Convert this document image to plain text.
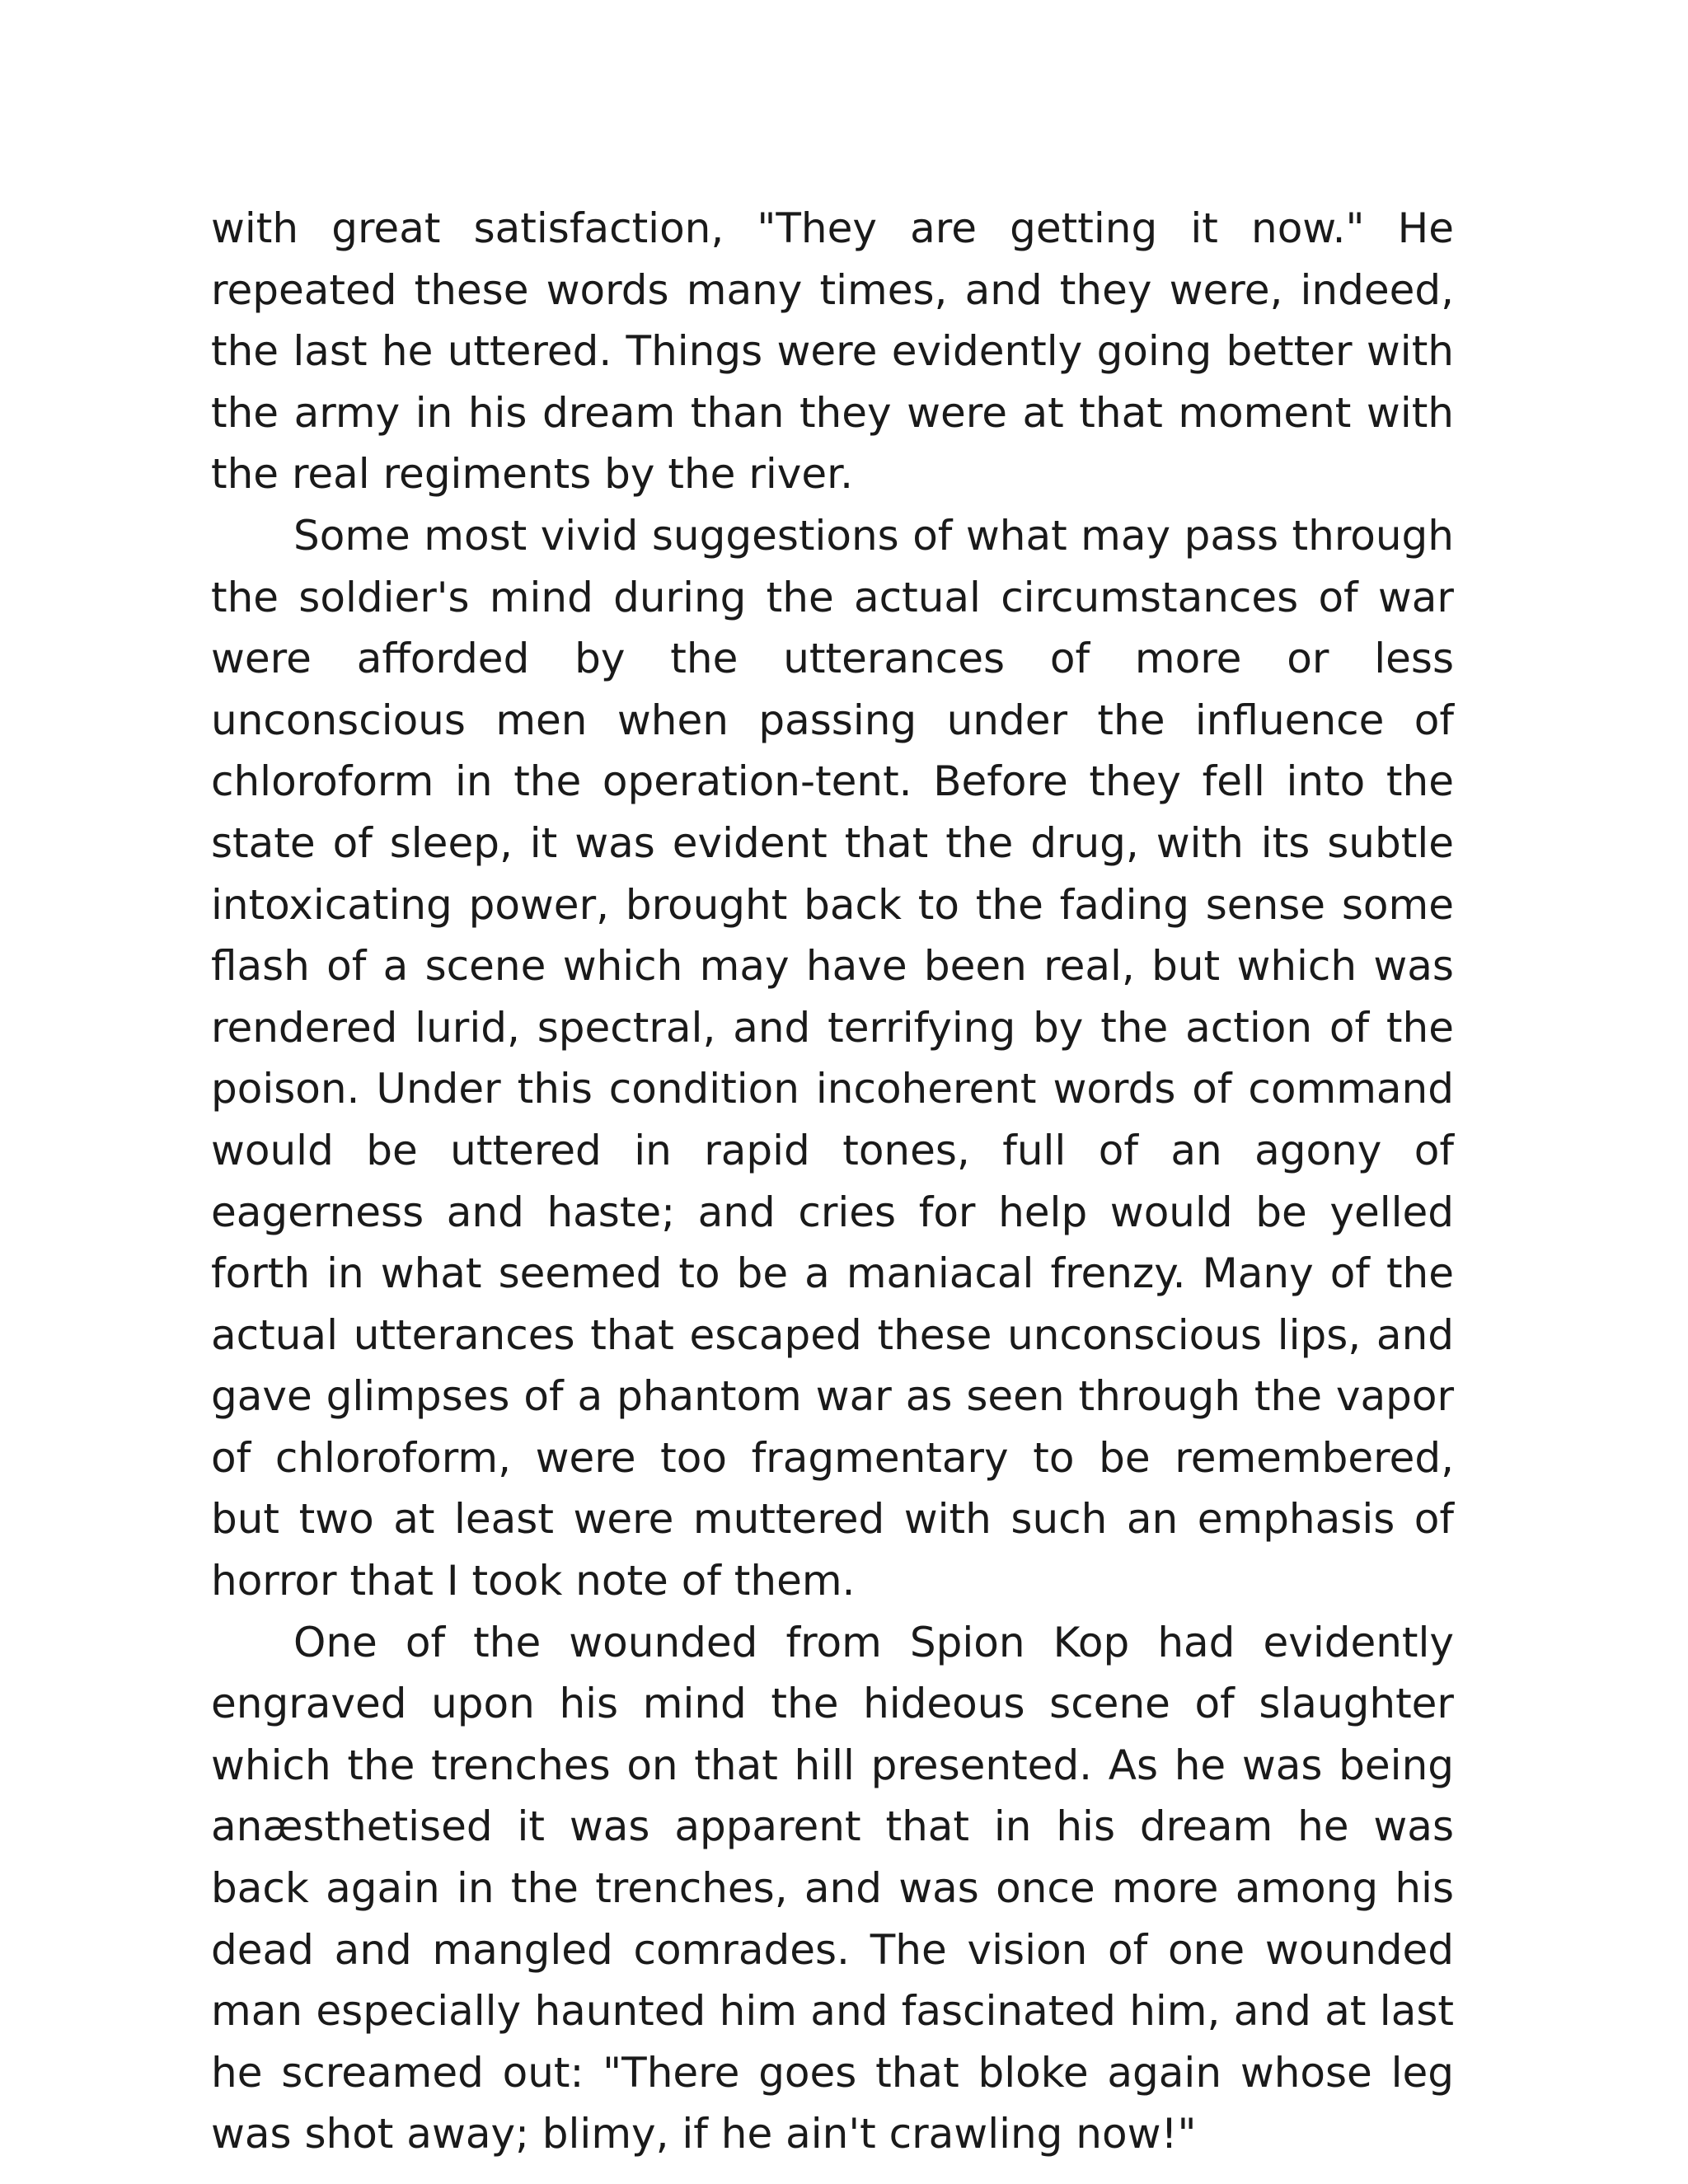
with great satisfaction, "They are getting it now." He repeated these words many times, and they were, indeed, the last he uttered. Things were evidently going better with the army in his dream than they were at that moment with the real regiments by the river.

Some most vivid suggestions of what may pass through the soldier's mind during the actual circumstances of war were afforded by the utterances of more or less unconscious men when passing under the influence of chloroform in the operation-tent. Before they fell into the state of sleep, it was evident that the drug, with its subtle intoxicating power, brought back to the fading sense some flash of a scene which may have been real, but which was rendered lurid, spectral, and terrifying by the action of the poison. Under this condition incoherent words of command would be uttered in rapid tones, full of an agony of eagerness and haste; and cries for help would be yelled forth in what seemed to be a maniacal frenzy. Many of the actual utterances that escaped these unconscious lips, and gave glimpses of a phantom war as seen through the vapor of chloroform, were too fragmentary to be remembered, but two at least were muttered with such an emphasis of horror that I took note of them.

One of the wounded from Spion Kop had evidently engraved upon his mind the hideous scene of slaughter which the trenches on that hill presented. As he was being anæsthetised it was apparent that in his dream he was back again in the trenches, and was once more among his dead and mangled comrades. The vision of one wounded man especially haunted him and fascinated him, and at last he screamed out: "There goes that bloke again whose leg was shot away; blimy, if he ain't crawling now!"
